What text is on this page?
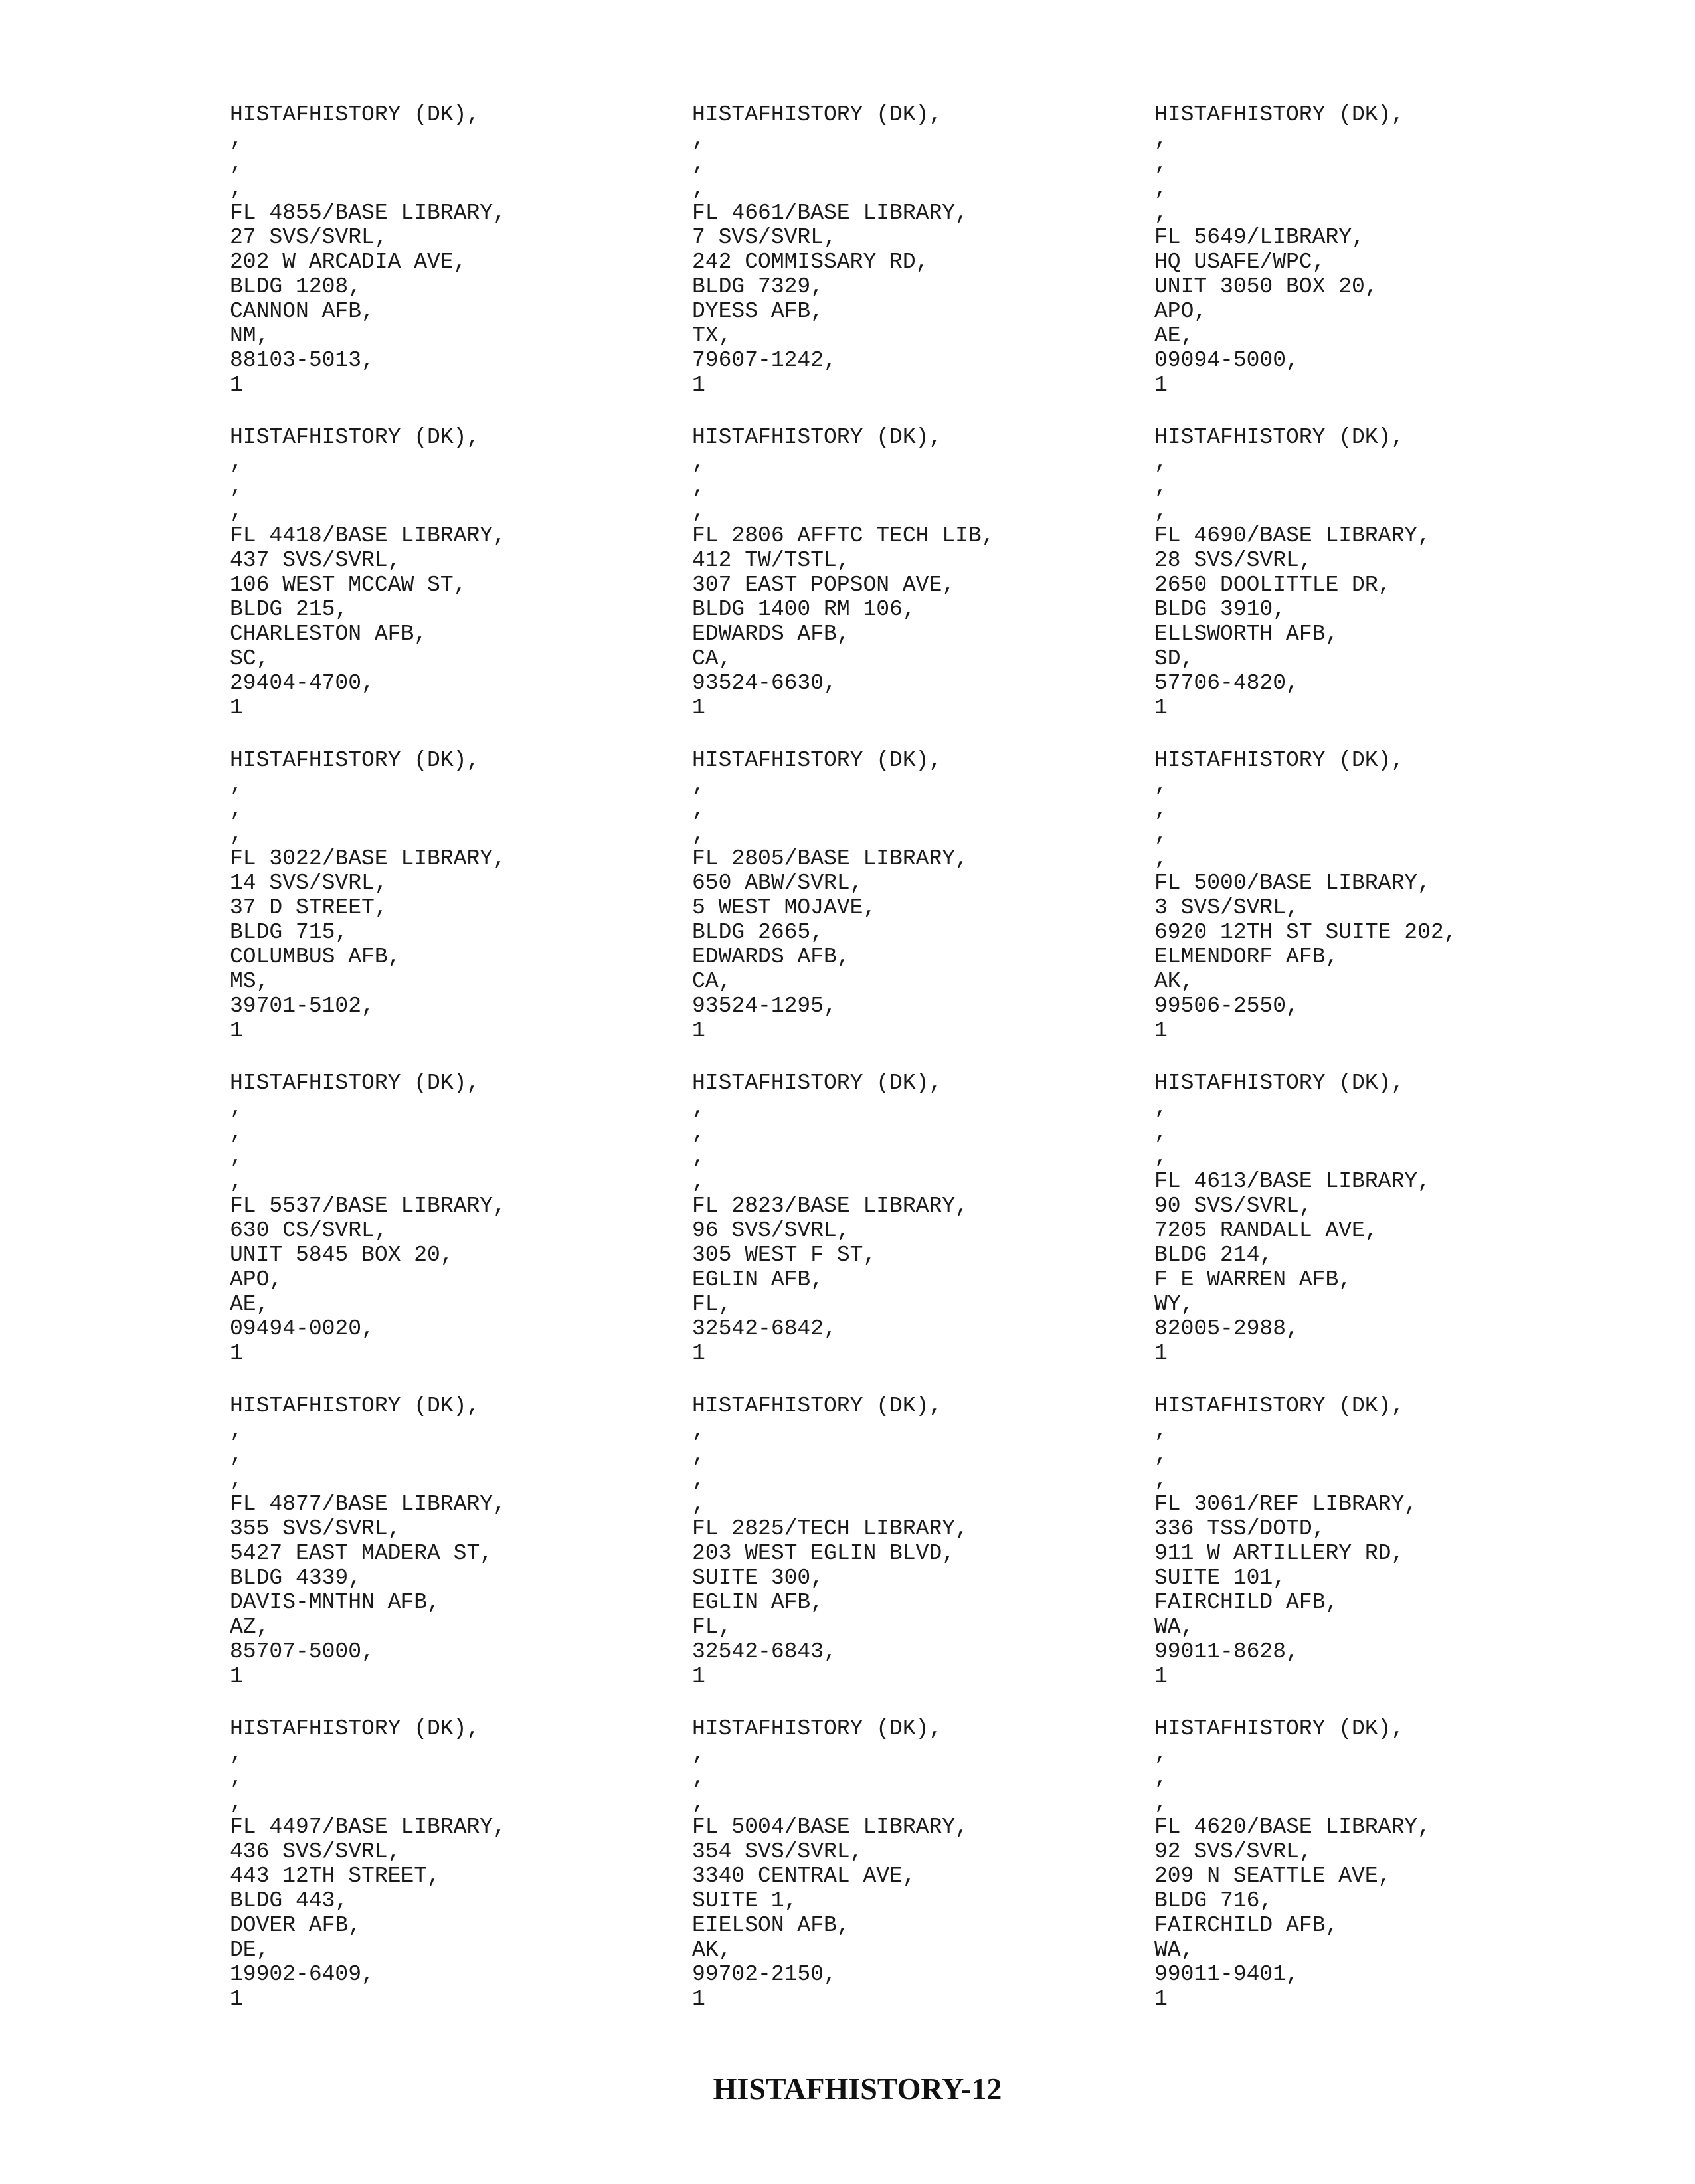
HISTAFHISTORY (DK),
,
,
,
FL 4855/BASE LIBRARY,
27 SVS/SVRL,
202 W ARCADIA AVE,
BLDG 1208,
CANNON AFB,
NM,
88103-5013,
1
HISTAFHISTORY (DK),
,
,
,
FL 4661/BASE LIBRARY,
7 SVS/SVRL,
242 COMMISSARY RD,
BLDG 7329,
DYESS AFB,
TX,
79607-1242,
1
HISTAFHISTORY (DK),
,
,
,
,
FL 5649/LIBRARY,
HQ USAFE/WPC,
UNIT 3050 BOX 20,
APO,
AE,
09094-5000,
1
HISTAFHISTORY (DK),
,
,
,
FL 4418/BASE LIBRARY,
437 SVS/SVRL,
106 WEST MCCAW ST,
BLDG 215,
CHARLESTON AFB,
SC,
29404-4700,
1
HISTAFHISTORY (DK),
,
,
,
FL 2806 AFFTC TECH LIB,
412 TW/TSTL,
307 EAST POPSON AVE,
BLDG 1400 RM 106,
EDWARDS AFB,
CA,
93524-6630,
1
HISTAFHISTORY (DK),
,
,
,
FL 4690/BASE LIBRARY,
28 SVS/SVRL,
2650 DOOLITTLE DR,
BLDG 3910,
ELLSWORTH AFB,
SD,
57706-4820,
1
HISTAFHISTORY (DK),
,
,
,
FL 3022/BASE LIBRARY,
14 SVS/SVRL,
37 D STREET,
BLDG 715,
COLUMBUS AFB,
MS,
39701-5102,
1
HISTAFHISTORY (DK),
,
,
,
FL 2805/BASE LIBRARY,
650 ABW/SVRL,
5 WEST MOJAVE,
BLDG 2665,
EDWARDS AFB,
CA,
93524-1295,
1
HISTAFHISTORY (DK),
,
,
,
,
FL 5000/BASE LIBRARY,
3 SVS/SVRL,
6920 12TH ST SUITE 202,
ELMENDORF AFB,
AK,
99506-2550,
1
HISTAFHISTORY (DK),
,
,
,
,
FL 5537/BASE LIBRARY,
630 CS/SVRL,
UNIT 5845 BOX 20,
APO,
AE,
09494-0020,
1
HISTAFHISTORY (DK),
,
,
,
,
FL 2823/BASE LIBRARY,
96 SVS/SVRL,
305 WEST F ST,
EGLIN AFB,
FL,
32542-6842,
1
HISTAFHISTORY (DK),
,
,
,
FL 4613/BASE LIBRARY,
90 SVS/SVRL,
7205 RANDALL AVE,
BLDG 214,
F E WARREN AFB,
WY,
82005-2988,
1
HISTAFHISTORY (DK),
,
,
,
FL 4877/BASE LIBRARY,
355 SVS/SVRL,
5427 EAST MADERA ST,
BLDG 4339,
DAVIS-MNTHN AFB,
AZ,
85707-5000,
1
HISTAFHISTORY (DK),
,
,
,
,
FL 2825/TECH LIBRARY,
203 WEST EGLIN BLVD,
SUITE 300,
EGLIN AFB,
FL,
32542-6843,
1
HISTAFHISTORY (DK),
,
,
,
FL 3061/REF LIBRARY,
336 TSS/DOTD,
911 W ARTILLERY RD,
SUITE 101,
FAIRCHILD AFB,
WA,
99011-8628,
1
HISTAFHISTORY (DK),
,
,
,
FL 4497/BASE LIBRARY,
436 SVS/SVRL,
443 12TH STREET,
BLDG 443,
DOVER AFB,
DE,
19902-6409,
1
HISTAFHISTORY (DK),
,
,
,
FL 5004/BASE LIBRARY,
354 SVS/SVRL,
3340 CENTRAL AVE,
SUITE 1,
EIELSON AFB,
AK,
99702-2150,
1
HISTAFHISTORY (DK),
,
,
,
FL 4620/BASE LIBRARY,
92 SVS/SVRL,
209 N SEATTLE AVE,
BLDG 716,
FAIRCHILD AFB,
WA,
99011-9401,
1
HISTAFHISTORY-12
